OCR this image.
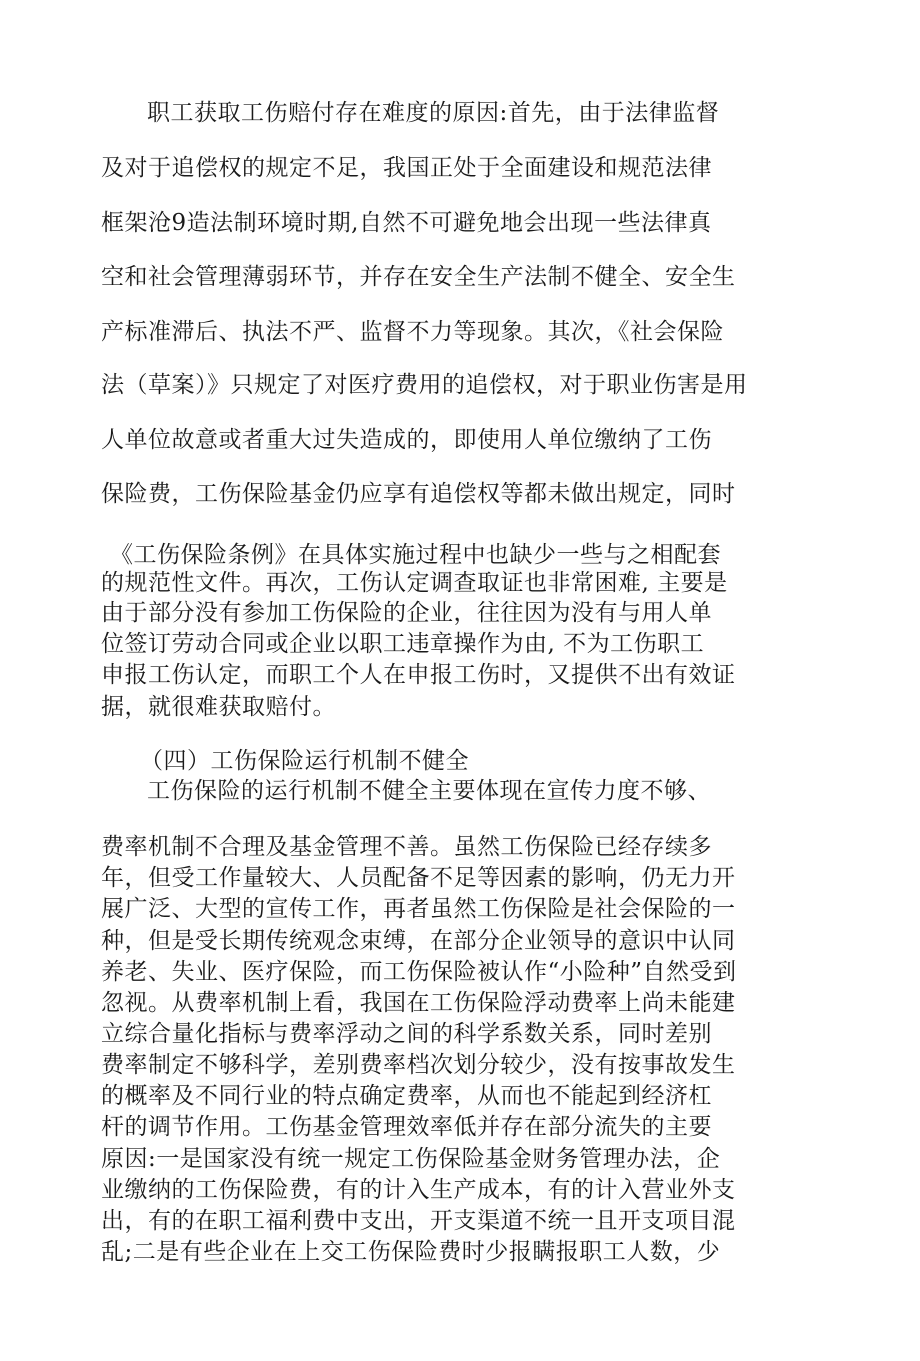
职工获取工伤赔付存在难度的原因:首先，由于法律监督
及对于追偿权的规定不足，我国正处于全面建设和规范法律
框架沧9造法制环境时期,自然不可避免地会出现一些法律真
空和社会管理薄弱环节，并存在安全生产法制不健全、安全生
产标准滞后、执法不严、监督不力等现象。其次，《社会保险
法（草案）》只规定了对医疗费用的追偿权，对于职业伤害是用
人单位故意或者重大过失造成的，即使用人单位缴纳了工伤
保险费，工伤保险基金仍应享有追偿权等都未做出规定，同时
《工伤保险条例》在具体实施过程中也缺少一些与之相配套
的规范性文件。再次，工伤认定调查取证也非常困难, 主要是
由于部分没有参加工伤保险的企业，往往因为没有与用人单
位签订劳动合同或企业以职工违章操作为由, 不为工伤职工
申报工伤认定，而职工个人在申报工伤时，又提供不出有效证
据，就很难获取赔付。
（四）工伤保险运行机制不健全
工伤保险的运行机制不健全主要体现在宣传力度不够、
费率机制不合理及基金管理不善。虽然工伤保险已经存续多
年，但受工作量较大、人员配备不足等因素的影响，仍无力开
展广泛、大型的宣传工作，再者虽然工伤保险是社会保险的一
种，但是受长期传统观念束缚，在部分企业领导的意识中认同
养老、失业、医疗保险，而工伤保险被认作“小险种”自然受到
忽视。从费率机制上看，我国在工伤保险浮动费率上尚未能建
立综合量化指标与费率浮动之间的科学系数关系，同时差别
费率制定不够科学，差别费率档次划分较少，没有按事故发生
的概率及不同行业的特点确定费率，从而也不能起到经济杠
杆的调节作用。工伤基金管理效率低并存在部分流失的主要
原因:一是国家没有统一规定工伤保险基金财务管理办法，企
业缴纳的工伤保险费，有的计入生产成本，有的计入营业外支
出，有的在职工福利费中支出，开支渠道不统一且开支项目混
乱;二是有些企业在上交工伤保险费时少报瞒报职工人数，少
